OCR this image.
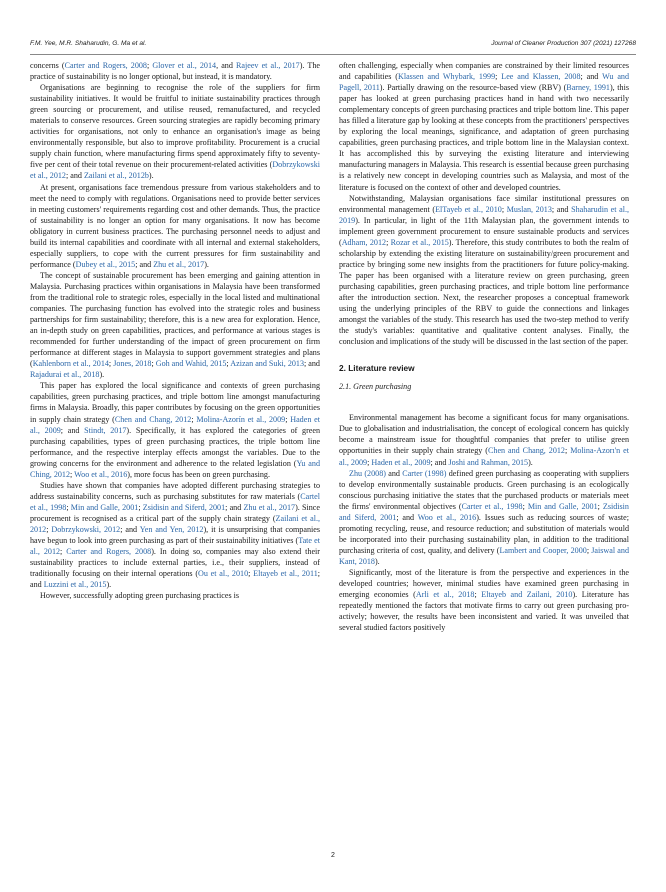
F.M. Yee, M.R. Shaharudin, G. Ma et al.	Journal of Cleaner Production 307 (2021) 127268

concerns (Carter and Rogers, 2008; Glover et al., 2014, and Rajeev et al., 2017). The practice of sustainability is no longer optional, but instead, it is mandatory.

Organisations are beginning to recognise the role of the suppliers for firm sustainability initiatives. It would be fruitful to initiate sustainability practices through green sourcing or procurement, and utilise reused, remanufactured, and recycled materials to conserve resources. Green sourcing strategies are rapidly becoming primary activities for organisations, not only to enhance an organisation's image as being environmentally responsible, but also to improve profitability. Procurement is a crucial supply chain function, where manufacturing firms spend approximately fifty to seventy-five per cent of their total revenue on their procurement-related activities (Dobrzykowski et al., 2012; and Zailani et al., 2012b).

At present, organisations face tremendous pressure from various stakeholders and to meet the need to comply with regulations. Organisations need to provide better services in meeting customers' requirements regarding cost and other demands. Thus, the practice of sustainability is no longer an option for many organisations. It now has become obligatory in current business practices. The purchasing personnel needs to adjust and build its internal capabilities and coordinate with all internal and external stakeholders, especially suppliers, to cope with the current pressures for firm sustainability and performance (Dubey et al., 2015; and Zhu et al., 2017).

The concept of sustainable procurement has been emerging and gaining attention in Malaysia. Purchasing practices within organisations in Malaysia have been transformed from the traditional role to strategic roles, especially in the local listed and multinational companies. The purchasing function has evolved into the strategic roles and business partnerships for firm sustainability; therefore, this is a new area for exploration. Hence, an in-depth study on green capabilities, practices, and performance at various stages is recommended for further understanding of the impact of green procurement on firm performance at different stages in Malaysia to support government strategies and plans (Kahlenborn et al., 2014; Jones, 2018; Goh and Wahid, 2015; Azizan and Suki, 2013; and Rajadurai et al., 2018).

This paper has explored the local significance and contexts of green purchasing capabilities, green purchasing practices, and triple bottom line amongst manufacturing firms in Malaysia. Broadly, this paper contributes by focusing on the green opportunities in supply chain strategy (Chen and Chang, 2012; Molina-Azorín et al., 2009; Haden et al., 2009; and Stindt, 2017). Specifically, it has explored the categories of green purchasing capabilities, types of green purchasing practices, the triple bottom line performance, and the respective interplay effects amongst the variables. Due to the growing concerns for the environment and adherence to the related legislation (Yu and Ching, 2012; Woo et al., 2016), more focus has been on green purchasing.

Studies have shown that companies have adopted different purchasing strategies to address sustainability concerns, such as purchasing substitutes for raw materials (Cartel et al., 1998; Min and Galle, 2001; Zsidisin and Siferd, 2001; and Zhu et al., 2017). Since procurement is recognised as a critical part of the supply chain strategy (Zailani et al., 2012; Dobrzykowski, 2012; and Yen and Yen, 2012), it is unsurprising that companies have begun to look into green purchasing as part of their sustainability initiatives (Tate et al., 2012; Carter and Rogers, 2008). In doing so, companies may also extend their sustainability practices to include external parties, i.e., their suppliers, instead of traditionally focusing on their internal operations (Ou et al., 2010; Eltayeb et al., 2011; and Luzzini et al., 2015).

However, successfully adopting green purchasing practices is

often challenging, especially when companies are constrained by their limited resources and capabilities (Klassen and Whybark, 1999; Lee and Klassen, 2008; and Wu and Pagell, 2011). Partially drawing on the resource-based view (RBV) (Barney, 1991), this paper has looked at green purchasing practices hand in hand with two necessarily complementary concepts of green purchasing practices and triple bottom line. This paper has filled a literature gap by looking at these concepts from the practitioners' perspectives by exploring the local meanings, significance, and adaptation of green purchasing capabilities, green purchasing practices, and triple bottom line in the Malaysian context. It has accomplished this by surveying the existing literature and interviewing manufacturing managers in Malaysia. This research is essential because green purchasing is a relatively new concept in developing countries such as Malaysia, and most of the literature is focused on the context of other and developed countries.

Notwithstanding, Malaysian organisations face similar institutional pressures on environmental management (ElTayeb et al., 2010; Muslan, 2013; and Shaharudin et al., 2019). In particular, in light of the 11th Malaysian plan, the government intends to implement green government procurement to ensure sustainable products and services (Adham, 2012; Rozar et al., 2015). Therefore, this study contributes to both the realm of scholarship by extending the existing literature on sustainability/green procurement and practice by bringing some new insights from the practitioners for future policy-making. The paper has been organised with a literature review on green purchasing, green purchasing capabilities, green purchasing practices, and triple bottom line performance after the introduction section. Next, the researcher proposes a conceptual framework using the underlying principles of the RBV to guide the connections and linkages amongst the variables of the study. This research has used the two-step method to verify the study's variables: quantitative and qualitative content analyses. Finally, the conclusion and implications of the study will be discussed in the last section of the paper.

2. Literature review
2.1. Green purchasing

Environmental management has become a significant focus for many organisations. Due to globalisation and industrialisation, the concept of ecological concern has quickly become a mainstream issue for thoughtful companies that prefer to utilise green opportunities in their supply chain strategy (Chen and Chang, 2012; Molina-Azorı'n et al., 2009; Haden et al., 2009; and Joshi and Rahman, 2015).

Zhu (2008) and Carter (1998) defined green purchasing as cooperating with suppliers to develop environmentally sustainable products. Green purchasing is an ecologically conscious purchasing initiative the states that the purchased products or materials meet the firms' environmental objectives (Carter et al., 1998; Min and Galle, 2001; Zsidisin and Siferd, 2001; and Woo et al., 2016). Issues such as reducing sources of waste; promoting recycling, reuse, and resource reduction; and substitution of materials would be incorporated into their purchasing sustainability plan, in addition to the traditional purchasing criteria of cost, quality, and delivery (Lambert and Cooper, 2000; Jaiswal and Kant, 2018).

Significantly, most of the literature is from the perspective and experiences in the developed countries; however, minimal studies have examined green purchasing in emerging economies (Arli et al., 2018; Eltayeb and Zailani, 2010). Literature has repeatedly mentioned the factors that motivate firms to carry out green purchasing pro-actively; however, the results have been inconsistent and varied. It was unveiled that several studied factors positively

2
